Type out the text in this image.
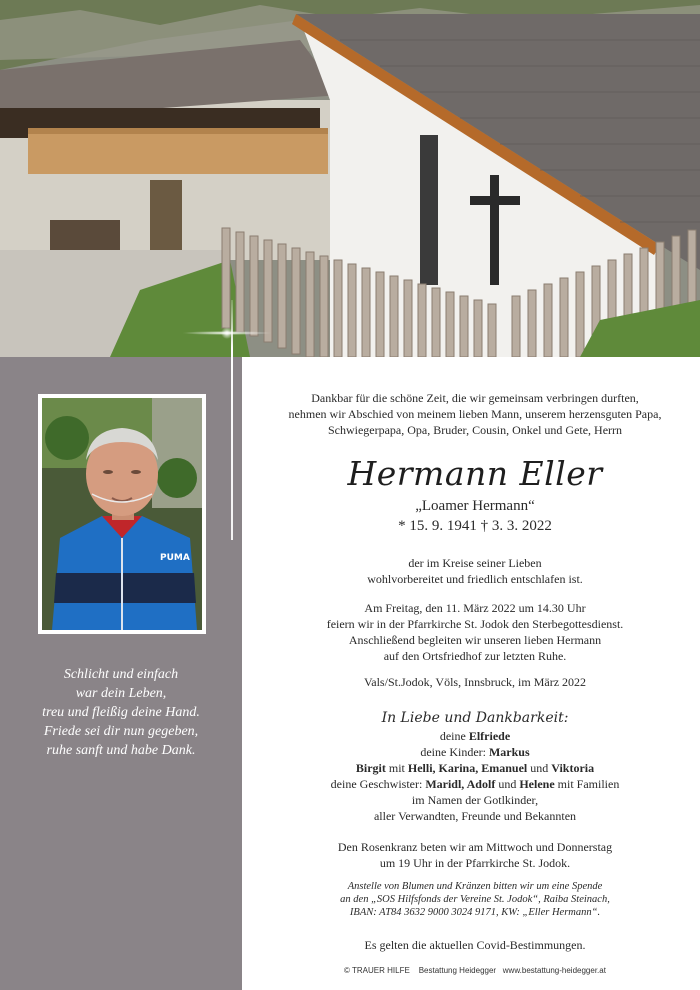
PUMA
Schlicht und einfach
war dein Leben,
treu und fleißig deine Hand.
Friede sei dir nun gegeben,
ruhe sanft und habe Dank.
Dankbar für die schöne Zeit, die wir gemeinsam verbringen durften,
nehmen wir Abschied von meinem lieben Mann, unserem herzensguten Papa,
Schwiegerpapa, Opa, Bruder, Cousin, Onkel und Gete, Herrn
Hermann Eller
„Loamer Hermann“
* 15. 9. 1941 † 3. 3. 2022
der im Kreise seiner Lieben
wohlvorbereitet und friedlich entschlafen ist.
Am Freitag, den 11. März 2022 um 14.30 Uhr
feiern wir in der Pfarrkirche St. Jodok den Sterbegottesdienst.
Anschließend begleiten wir unseren lieben Hermann
auf den Ortsfriedhof zur letzten Ruhe.
Vals/St.Jodok, Völs, Innsbruck, im März 2022
In Liebe und Dankbarkeit:
deine Elfriede
deine Kinder: Markus
Birgit mit Helli, Karina, Emanuel und Viktoria
deine Geschwister: Maridl, Adolf und Helene mit Familien
im Namen der Gotlkinder,
aller Verwandten, Freunde und Bekannten
Den Rosenkranz beten wir am Mittwoch und Donnerstag
um 19 Uhr in der Pfarrkirche St. Jodok.
Anstelle von Blumen und Kränzen bitten wir um eine Spende
an den „SOS Hilfsfonds der Vereine St. Jodok“, Raiba Steinach,
IBAN: AT84 3632 9000 3024 9171, KW: „Eller Hermann“.
Es gelten die aktuellen Covid-Bestimmungen.
© TRAUER HILFE Bestattung Heidegger www.bestattung-heidegger.at
